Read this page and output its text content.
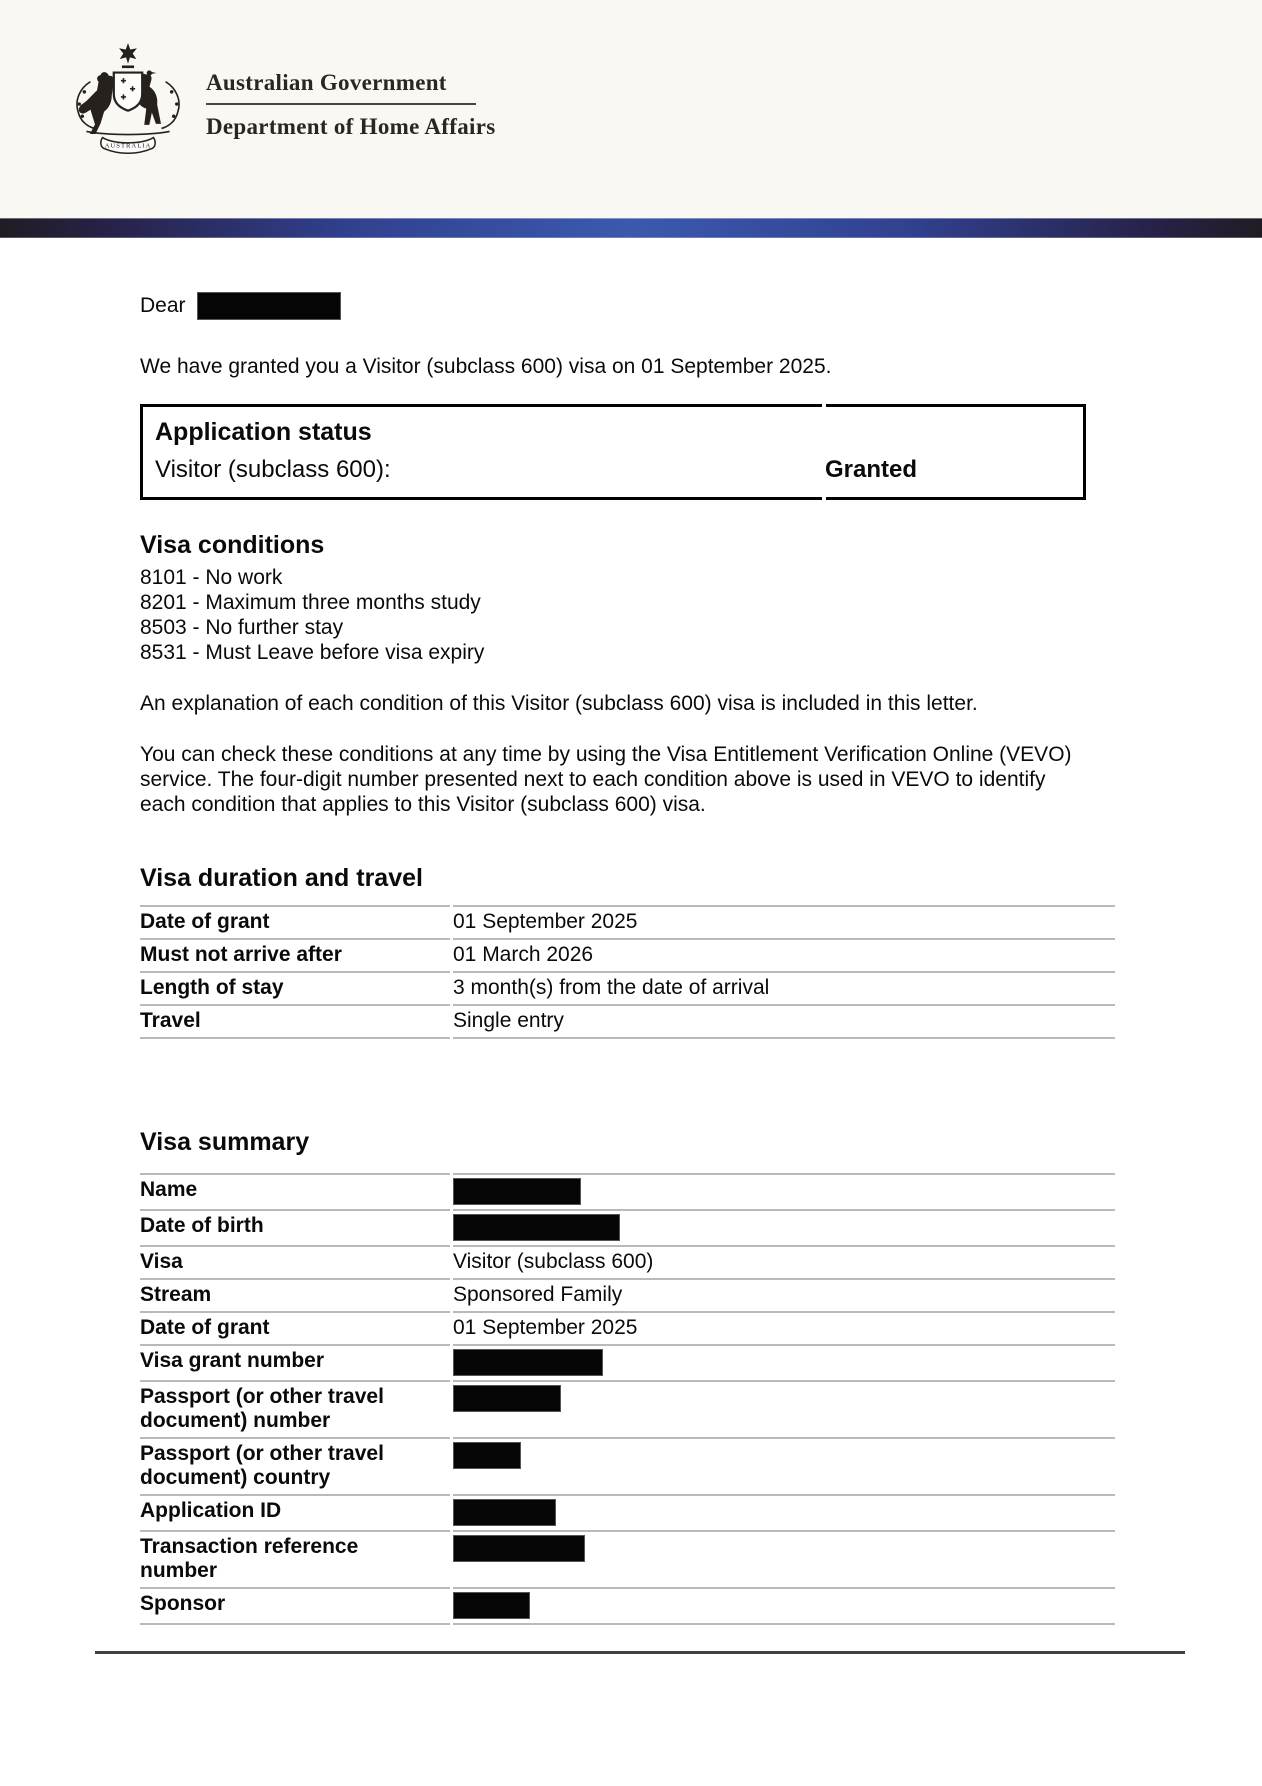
AUSTRALIA
Australian Government
Department of Home Affairs
Dear
We have granted you a Visitor (subclass 600) visa on 01 September 2025.
Application status
Visitor (subclass 600):	Granted
Visa conditions
8101 - No work
8201 - Maximum three months study
8503 - No further stay
8531 - Must Leave before visa expiry
An explanation of each condition of this Visitor (subclass 600) visa is included in this letter.
You can check these conditions at any time by using the Visa Entitlement Verification Online (VEVO) service. The four-digit number presented next to each condition above is used in VEVO to identify each condition that applies to this Visitor (subclass 600) visa.
Visa duration and travel
Date of grant	01 September 2025
Must not arrive after	01 March 2026
Length of stay	3 month(s) from the date of arrival
Travel	Single entry
Visa summary
Name
Date of birth
Visa	Visitor (subclass 600)
Stream	Sponsored Family
Date of grant	01 September 2025
Visa grant number
Passport (or other travel document) number
Passport (or other travel document) country
Application ID
Transaction reference number
Sponsor
